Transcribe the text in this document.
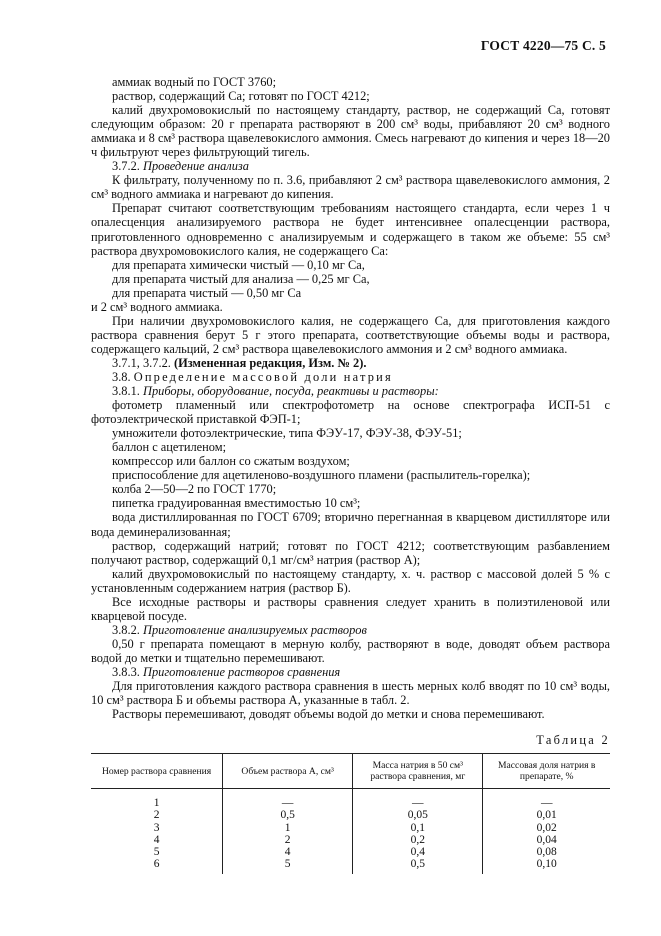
ГОСТ 4220—75 С. 5

аммиак водный по ГОСТ 3760;

раствор, содержащий Са; готовят по ГОСТ 4212;

калий двухромовокислый по настоящему стандарту, раствор, не содержащий Са, готовят следующим образом: 20 г препарата растворяют в 200 см³ воды, прибавляют 20 см³ водного аммиака и 8 см³ раствора щавелевокислого аммония. Смесь нагревают до кипения и через 18—20 ч фильтруют через фильтрующий тигель.

3.7.2. Проведение анализа

К фильтрату, полученному по п. 3.6, прибавляют 2 см³ раствора щавелевокислого аммония, 2 см³ водного аммиака и нагревают до кипения.

Препарат считают соответствующим требованиям настоящего стандарта, если через 1 ч опалесценция анализируемого раствора не будет интенсивнее опалесценции раствора, приготовленного одновременно с анализируемым и содержащего в таком же объеме: 55 см³ раствора двухромовокислого калия, не содержащего Са:

для препарата химически чистый — 0,10 мг Са,

для препарата чистый для анализа — 0,25 мг Са,

для препарата чистый — 0,50 мг Са

и 2 см³ водного аммиака.

При наличии двухромовокислого калия, не содержащего Са, для приготовления каждого раствора сравнения берут 5 г этого препарата, соответствующие объемы воды и раствора, содержащего кальций, 2 см³ раствора щавелевокислого аммония и 2 см³ водного аммиака.

3.7.1, 3.7.2. (Измененная редакция, Изм. № 2).

3.8. Определение массовой доли натрия

3.8.1. Приборы, оборудование, посуда, реактивы и растворы:

фотометр пламенный или спектрофотометр на основе спектрографа ИСП-51 с фотоэлектрической приставкой ФЭП-1;

умножители фотоэлектрические, типа ФЭУ-17, ФЭУ-38, ФЭУ-51;

баллон с ацетиленом;

компрессор или баллон со сжатым воздухом;

приспособление для ацетиленово-воздушного пламени (распылитель-горелка);

колба 2—50—2 по ГОСТ 1770;

пипетка градуированная вместимостью 10 см³;

вода дистиллированная по ГОСТ 6709; вторично перегнанная в кварцевом дистилляторе или вода деминерализованная;

раствор, содержащий натрий; готовят по ГОСТ 4212; соответствующим разбавлением получают раствор, содержащий 0,1 мг/см³ натрия (раствор А);

калий двухромовокислый по настоящему стандарту, х. ч. раствор с массовой долей 5 % с установленным содержанием натрия (раствор Б).

Все исходные растворы и растворы сравнения следует хранить в полиэтиленовой или кварцевой посуде.

3.8.2. Приготовление анализируемых растворов

0,50 г препарата помещают в мерную колбу, растворяют в воде, доводят объем раствора водой до метки и тщательно перемешивают.

3.8.3. Приготовление растворов сравнения

Для приготовления каждого раствора сравнения в шесть мерных колб вводят по 10 см³ воды, 10 см³ раствора Б и объемы раствора А, указанные в табл. 2.

Растворы перемешивают, доводят объемы водой до метки и снова перемешивают.

Таблица 2
Номер раствора сравнения	Объем раствора А, см³	Масса натрия в 50 см³ раствора сравнения, мг	Массовая доля натрия в препарате, %
1	—	—	—
2	0,5	0,05	0,01
3	1	0,1	0,02
4	2	0,2	0,04
5	4	0,4	0,08
6	5	0,5	0,10
